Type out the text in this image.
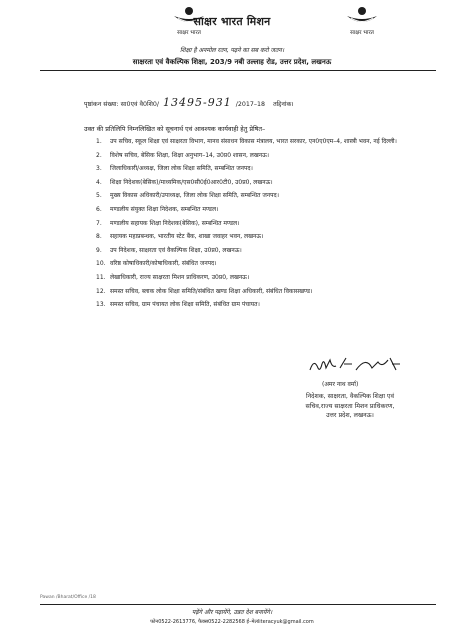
साक्षर भारत	साक्षर भारत
साक्षर भारत मिशन
शिक्षा है अनमोल रतन, पढ़ने का सब करो जतन।
साक्षरता एवं वैकल्पिक शिक्षा, 203/9 नबी उल्लाह रोड, उत्तर प्रदेश, लखनऊ
पृष्ठांकन संख्या: सा0एवं वै0शि0/ 13495-931 /2017–18 तद्दिनांक।
उक्त की प्रतिलिपि निम्नलिखित को सूचनार्थ एवं आवश्यक कार्यवाही हेतु प्रेषित–
1. उप सचिव, स्कूल शिक्षा एवं साक्षरता विभाग, मानव संसाधन विकास मंत्रालय, भारत सरकार, एन0ए0एम–4, शास्त्री भवन, नई दिल्ली।
2. विशेष सचिव, बेसिक शिक्षा, शिक्षा अनुभाग–14, उ0प्र0 शासन, लखनऊ।
3. जिलाधिकारी/अध्यक्ष, जिला लोक शिक्षा समिति, सम्बन्धित जनपद।
4. शिक्षा निदेशक(बेसिक)/माध्यमिक/एस0सी0ई0आर0टी0, उ0प्र0, लखनऊ।
5. मुख्य विकास अधिकारी/उपाध्यक्ष, जिला लोक शिक्षा समिति, सम्बन्धित जनपद।
6. मण्डलीय संयुक्त शिक्षा निदेशक, सम्बन्धित मण्डल।
7. मण्डलीय सहायक शिक्षा निदेशक(बेसिक), सम्बन्धित मण्डल।
8. सहायक महाप्रबन्धक, भारतीय स्टेट बैंक, शाखा जवाहर भवन, लखनऊ।
9. उप निदेशक, साक्षरता एवं वैकल्पिक शिक्षा, उ0प्र0, लखनऊ।
10. वरिष्ठ कोषाधिकारी/कोषाधिकारी, संबंधित जनपद।
11. लेखाधिकारी, राज्य साक्षरता मिशन प्राधिकरण, उ0प्र0, लखनऊ।
12. समस्त सचिव, ब्लाक लोक शिक्षा समिति/संबंधित खण्ड शिक्षा अधिकारी, संबंधित विकासखण्ड।
13. समस्त सचिव, ग्राम पंचायत लोक शिक्षा समिति, संबंधित ग्राम पंचायत।
(अमर नाथ वर्मा)
निदेशक, साक्षरता, वैकल्पिक शिक्षा एवं
सचिव,राज्य साक्षरता मिशन प्राधिकरण,
उत्तर प्रदेश, लखनऊ।
Pawan /Bharat/Office /18
पढ़ेंगे और पढ़ायेंगे, उन्नत देश बनायेंगे।
फोन0522-2613776, फैक्स0522-2282568 ई–मेलliteracyuk@gmail.com
